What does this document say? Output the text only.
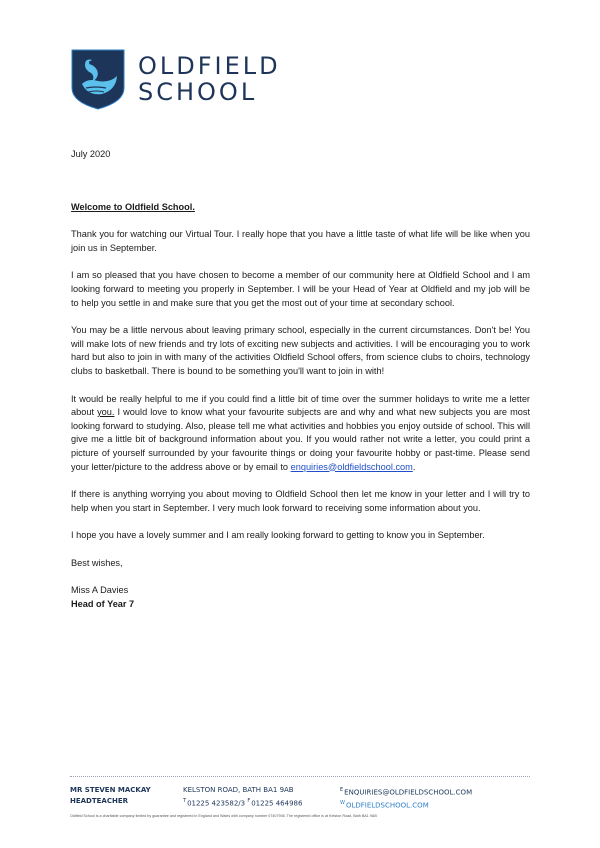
OLDFIELD
SCHOOL
July 2020
Welcome to Oldfield School.

Thank you for watching our Virtual Tour. I really hope that you have a little taste of what life will be like when you join us in September.

I am so pleased that you have chosen to become a member of our community here at Oldfield School and I am looking forward to meeting you properly in September. I will be your Head of Year at Oldfield and my job will be to help you settle in and make sure that you get the most out of your time at secondary school.

You may be a little nervous about leaving primary school, especially in the current circumstances. Don't be! You will make lots of new friends and try lots of exciting new subjects and activities. I will be encouraging you to work hard but also to join in with many of the activities Oldfield School offers, from science clubs to choirs, technology clubs to basketball. There is bound to be something you'll want to join in with!

It would be really helpful to me if you could find a little bit of time over the summer holidays to write me a letter about you. I would love to know what your favourite subjects are and why and what new subjects you are most looking forward to studying. Also, please tell me what activities and hobbies you enjoy outside of school. This will give me a little bit of background information about you. If you would rather not write a letter, you could print a picture of yourself surrounded by your favourite things or doing your favourite hobby or past-time. Please send your letter/picture to the address above or by email to enquiries@oldfieldschool.com.

If there is anything worrying you about moving to Oldfield School then let me know in your letter and I will try to help when you start in September. I very much look forward to receiving some information about you.

I hope you have a lovely summer and I am really looking forward to getting to know you in September.

Best wishes,
Miss A Davies
Head of Year 7
MR STEVEN MACKAY
HEADTEACHER
KELSTON ROAD, BATH BA1 9AB
$^T$01225 423582/3 $^F$01225 464986
$^E$ENQUIRIES@OLDFIELDSCHOOL.COM
$^W$OLDFIELDSCHOOL.COM
Oldfield School is a charitable company limited by guarantee and registered in England and Wales with company number 07407945. The registered office is at Kelston Road, Bath BA1 9AB
